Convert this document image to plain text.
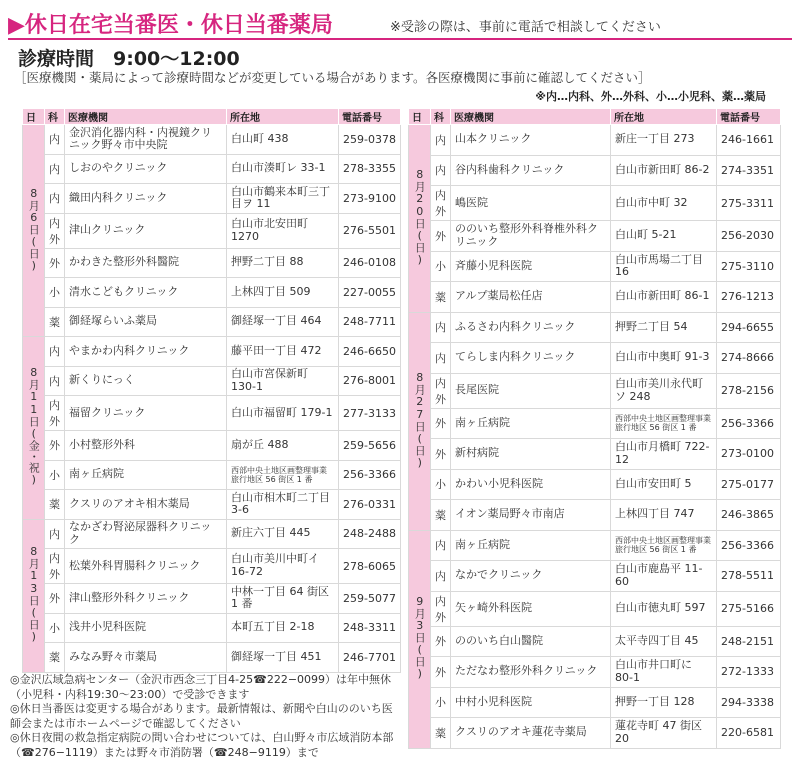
▶休日在宅当番医・休日当番薬局	※受診の際は、事前に電話で相談してください
診療時間　9:00〜12:00
［医療機関・薬局によって診療時間などが変更している場合があります。各医療機関に事前に確認してください］
※内…内科、外…外科、小…小児科、薬…薬局
日	科	医療機関	所在地	電話番号
8月6日(日)	内	金沢消化器内科・内視鏡クリニック野々市中央院	白山町 438	259-0378
	内	しおのやクリニック	白山市湊町レ 33-1	278-3355
	内	織田内科クリニック	白山市鶴来本町三丁目ヲ 11	273-9100
	内外	津山クリニック	白山市北安田町 1270	276-5501
	外	かわきた整形外科醫院	押野二丁目 88	246-0108
	小	清水こどもクリニック	上林四丁目 509	227-0055
	薬	御経塚らいふ薬局	御経塚一丁目 464	248-7711
8月11日(金・祝)	内	やまかわ内科クリニック	藤平田一丁目 472	246-6650
	内	新くりにっく	白山市宮保新町 130-1	276-8001
	内外	福留クリニック	白山市福留町 179-1	277-3133
	外	小村整形外科	扇が丘 488	259-5656
	小	南ヶ丘病院	西部中央土地区画整理事業旅行地区 56 街区 1 番	256-3366
	薬	クスリのアオキ相木薬局	白山市相木町二丁目 3-6	276-0331
8月13日(日)	内	なかざわ腎泌尿器科クリニック	新庄六丁目 445	248-2488
	内外	松葉外科胃腸科クリニック	白山市美川中町イ 16-72	278-6065
	外	津山整形外科クリニック	中林一丁目 64 街区 1 番	259-5077
	小	浅井小児科医院	本町五丁目 2-18	248-3311
	薬	みなみ野々市薬局	御経塚一丁目 451	246-7701
日	科	医療機関	所在地	電話番号
8月20日(日)	内	山本クリニック	新庄一丁目 273	246-1661
	内	谷内科歯科クリニック	白山市新田町 86-2	274-3351
	内外	嶋医院	白山市中町 32	275-3311
	外	ののいち整形外科脊椎外科クリニック	白山町 5-21	256-2030
	小	斉藤小児科医院	白山市馬場二丁目 16	275-3110
	薬	アルプ薬局松任店	白山市新田町 86-1	276-1213
8月27日(日)	内	ふるさわ内科クリニック	押野二丁目 54	294-6655
	内	てらしま内科クリニック	白山市中奥町 91-3	274-8666
	内外	長尾医院	白山市美川永代町ソ 248	278-2156
	外	南ヶ丘病院	西部中央土地区画整理事業旅行地区 56 街区 1 番	256-3366
	外	新村病院	白山市月橋町 722-12	273-0100
	小	かわい小児科医院	白山市安田町 5	275-0177
	薬	イオン薬局野々市南店	上林四丁目 747	246-3865
9月3日(日)	内	南ヶ丘病院	西部中央土地区画整理事業旅行地区 56 街区 1 番	256-3366
	内	なかでクリニック	白山市鹿島平 11-60	278-5511
	内外	矢ヶ崎外科医院	白山市徳丸町 597	275-5166
	外	ののいち白山醫院	太平寺四丁目 45	248-2151
	外	ただなわ整形外科クリニック	白山市井口町に 80-1	272-1333
	小	中村小児科医院	押野一丁目 128	294-3338
	薬	クスリのアオキ蓮花寺薬局	蓮花寺町 47 街区 20	220-6581

◎金沢広域急病センター（金沢市西念三丁目4-25☎222−0099）は年中無休（小児科・内科19:30〜23:00）で受診できます

◎休日当番医は変更する場合があります。最新情報は、新聞や白山ののいち医師会または市ホームページで確認してください

◎休日夜間の救急指定病院の問い合わせについては、白山野々市広域消防本部（☎276−1119）または野々市消防署（☎248−9119）まで
